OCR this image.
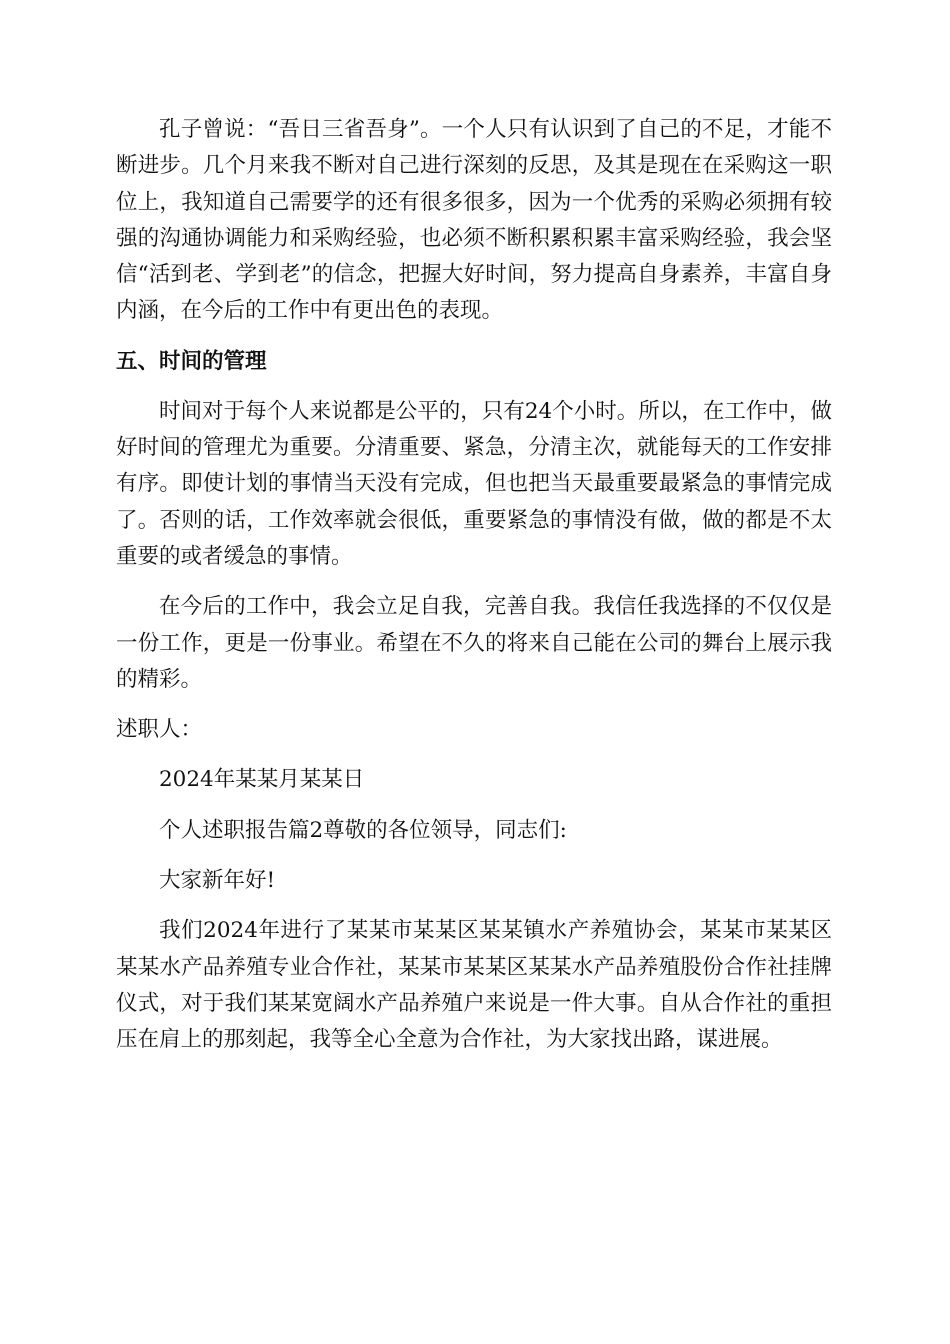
孔子曾说：“吾日三省吾身”。一个人只有认识到了自己的不足，才能不断进步。几个月来我不断对自己进行深刻的反思，及其是现在在采购这一职位上，我知道自己需要学的还有很多很多，因为一个优秀的采购必须拥有较强的沟通协调能力和采购经验，也必须不断积累积累丰富采购经验，我会坚信“活到老、学到老”的信念，把握大好时间，努力提高自身素养，丰富自身内涵，在今后的工作中有更出色的表现。

五、时间的管理

时间对于每个人来说都是公平的，只有24个小时。所以，在工作中，做好时间的管理尤为重要。分清重要、紧急，分清主次，就能每天的工作安排有序。即使计划的事情当天没有完成，但也把当天最重要最紧急的事情完成了。否则的话，工作效率就会很低，重要紧急的事情没有做，做的都是不太重要的或者缓急的事情。

在今后的工作中，我会立足自我，完善自我。我信任我选择的不仅仅是一份工作，更是一份事业。希望在不久的将来自己能在公司的舞台上展示我的精彩。

述职人：

2024年某某月某某日

个人述职报告篇2尊敬的各位领导，同志们:

大家新年好!

我们2024年进行了某某市某某区某某镇水产养殖协会，某某市某某区某某水产品养殖专业合作社，某某市某某区某某水产品养殖股份合作社挂牌仪式，对于我们某某宽阔水产品养殖户来说是一件大事。自从合作社的重担压在肩上的那刻起，我等全心全意为合作社，为大家找出路，谋进展。
